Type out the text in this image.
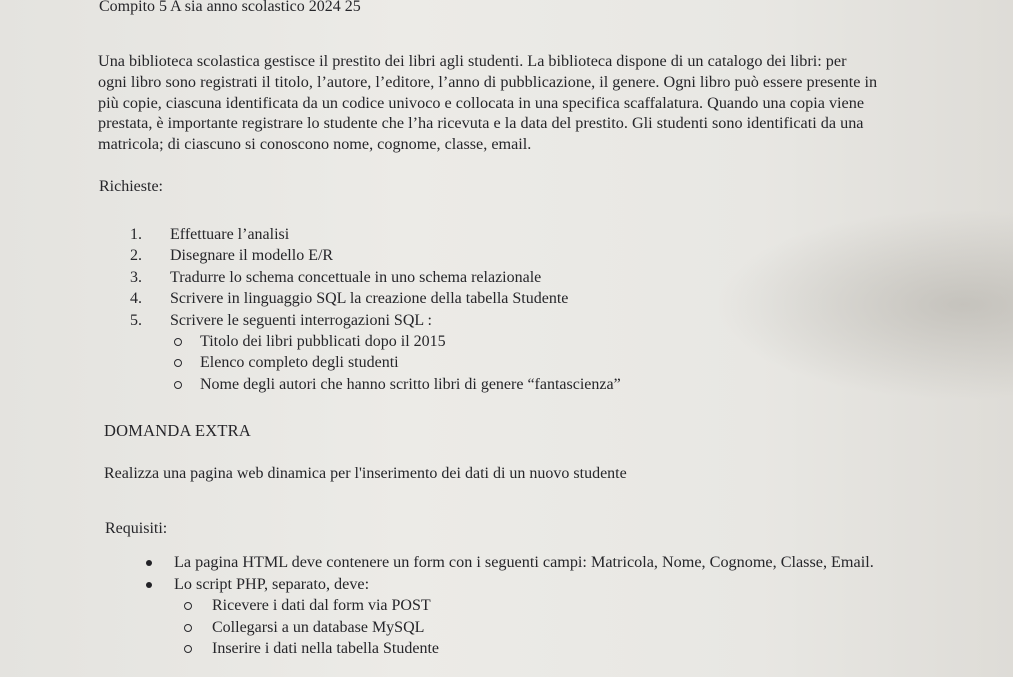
Compito 5 A sia anno scolastico 2024 25

Una biblioteca scolastica gestisce il prestito dei libri agli studenti. La biblioteca dispone di un catalogo dei libri: per
ogni libro sono registrati il titolo, l’autore, l’editore, l’anno di pubblicazione, il genere. Ogni libro può essere presente in
più copie, ciascuna identificata da un codice univoco e collocata in una specifica scaffalatura. Quando una copia viene
prestata, è importante registrare lo studente che l’ha ricevuta e la data del prestito. Gli studenti sono identificati da una
matricola; di ciascuno si conoscono nome, cognome, classe, email.

Richieste:

1. Effettuare l’analisi
2. Disegnare il modello E/R
3. Tradurre lo schema concettuale in uno schema relazionale
4. Scrivere in linguaggio SQL la creazione della tabella Studente
5. Scrivere le seguenti interrogazioni SQL :
Titolo dei libri pubblicati dopo il 2015
Elenco completo degli studenti
Nome degli autori che hanno scritto libri di genere “fantascienza”

DOMANDA EXTRA

Realizza una pagina web dinamica per l'inserimento dei dati di un nuovo studente

Requisiti:

La pagina HTML deve contenere un form con i seguenti campi: Matricola, Nome, Cognome, Classe, Email.
Lo script PHP, separato, deve:
Ricevere i dati dal form via POST
Collegarsi a un database MySQL
Inserire i dati nella tabella Studente
